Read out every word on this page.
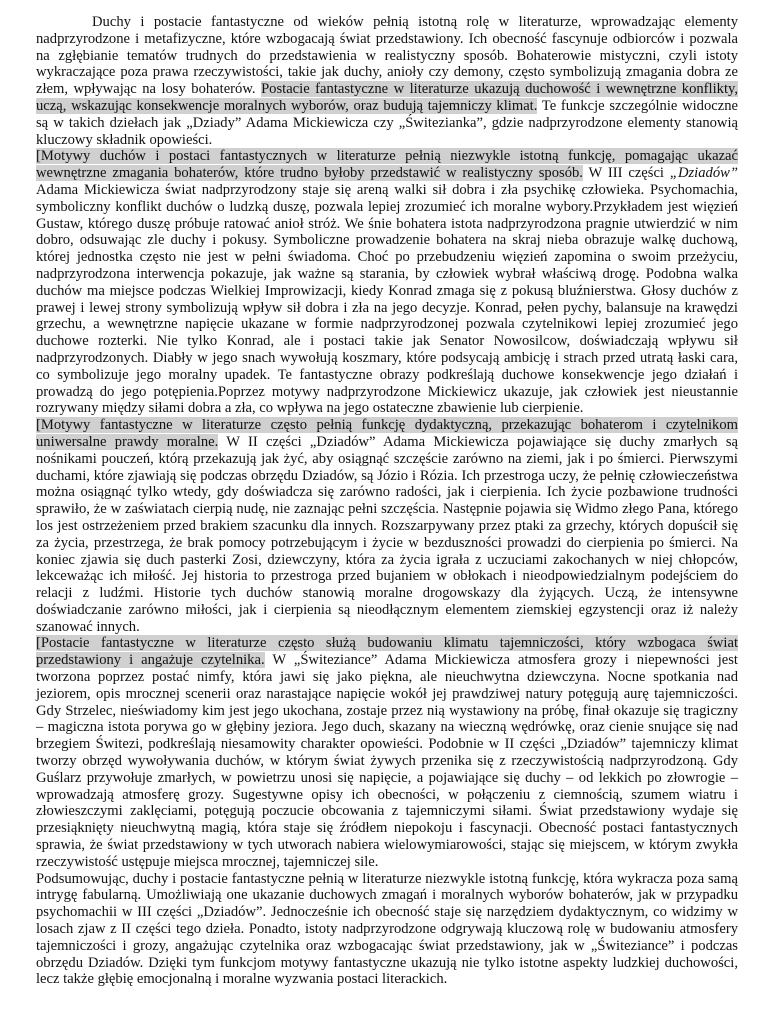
Duchy i postacie fantastyczne od wieków pełnią istotną rolę w literaturze, wprowadzając elementy nadprzyrodzone i metafizyczne, które wzbogacają świat przedstawiony. Ich obecność fascynuje odbiorców i pozwala na zgłębianie tematów trudnych do przedstawienia w realistyczny sposób. Bohaterowie mistyczni, czyli istoty wykraczające poza prawa rzeczywistości, takie jak duchy, anioły czy demony, często symbolizują zmagania dobra ze złem, wpływając na losy bohaterów. Postacie fantastyczne w literaturze ukazują duchowość i wewnętrzne konflikty, uczą, wskazując konsekwencje moralnych wyborów, oraz budują tajemniczy klimat. Te funkcje szczególnie widoczne są w takich dziełach jak „Dziady” Adama Mickiewicza czy „Świtezianka”, gdzie nadprzyrodzone elementy stanowią kluczowy składnik opowieści.

[Motywy duchów i postaci fantastycznych w literaturze pełnią niezwykle istotną funkcję, pomagając ukazać wewnętrzne zmagania bohaterów, które trudno byłoby przedstawić w realistyczny sposób. W III części „Dziadów” Adama Mickiewicza świat nadprzyrodzony staje się areną walki sił dobra i zła psychikę człowieka. Psychomachia, symboliczny konflikt duchów o ludzką duszę, pozwala lepiej zrozumieć ich moralne wybory.Przykładem jest więzień Gustaw, którego duszę próbuje ratować anioł stróż. We śnie bohatera istota nadprzyrodzona pragnie utwierdzić w nim dobro, odsuwając zle duchy i pokusy. Symboliczne prowadzenie bohatera na skraj nieba obrazuje walkę duchową, której jednostka często nie jest w pełni świadoma. Choć po przebudzeniu więzień zapomina o swoim przeżyciu, nadprzyrodzona interwencja pokazuje, jak ważne są starania, by człowiek wybrał właściwą drogę. Podobna walka duchów ma miejsce podczas Wielkiej Improwizacji, kiedy Konrad zmaga się z pokusą bluźnierstwa. Głosy duchów z prawej i lewej strony symbolizują wpływ sił dobra i zła na jego decyzje. Konrad, pełen pychy, balansuje na krawędzi grzechu, a wewnętrzne napięcie ukazane w formie nadprzyrodzonej pozwala czytelnikowi lepiej zrozumieć jego duchowe rozterki. Nie tylko Konrad, ale i postaci takie jak Senator Nowosilcow, doświadczają wpływu sił nadprzyrodzonych. Diabły w jego snach wywołują koszmary, które podsycają ambicję i strach przed utratą łaski cara, co symbolizuje jego moralny upadek. Te fantastyczne obrazy podkreślają duchowe konsekwencje jego działań i prowadzą do jego potępienia.Poprzez motywy nadprzyrodzone Mickiewicz ukazuje, jak człowiek jest nieustannie rozrywany między siłami dobra a zła, co wpływa na jego ostateczne zbawienie lub cierpienie.

[Motywy fantastyczne w literaturze często pełnią funkcję dydaktyczną, przekazując bohaterom i czytelnikom uniwersalne prawdy moralne. W II części „Dziadów” Adama Mickiewicza pojawiające się duchy zmarłych są nośnikami pouczeń, którą przekazują jak żyć, aby osiągnąć szczęście zarówno na ziemi, jak i po śmierci. Pierwszymi duchami, które zjawiają się podczas obrzędu Dziadów, są Józio i Rózia. Ich przestroga uczy, że pełnię człowieczeństwa można osiągnąć tylko wtedy, gdy doświadcza się zarówno radości, jak i cierpienia. Ich życie pozbawione trudności sprawiło, że w zaświatach cierpią nudę, nie zaznając pełni szczęścia. Następnie pojawia się Widmo złego Pana, którego los jest ostrzeżeniem przed brakiem szacunku dla innych. Rozszarpywany przez ptaki za grzechy, których dopuścił się za życia, przestrzega, że brak pomocy potrzebującym i życie w bezduszności prowadzi do cierpienia po śmierci. Na koniec zjawia się duch pasterki Zosi, dziewczyny, która za życia igrała z uczuciami zakochanych w niej chłopców, lekceważąc ich miłość. Jej historia to przestroga przed bujaniem w obłokach i nieodpowiedzialnym podejściem do relacji z ludźmi. Historie tych duchów stanowią moralne drogowskazy dla żyjących. Uczą, że intensywne doświadczanie zarówno miłości, jak i cierpienia są nieodłącznym elementem ziemskiej egzystencji oraz iż należy szanować innych.

[Postacie fantastyczne w literaturze często służą budowaniu klimatu tajemniczości, który wzbogaca świat przedstawiony i angażuje czytelnika. W „Świteziance” Adama Mickiewicza atmosfera grozy i niepewności jest tworzona poprzez postać nimfy, która jawi się jako piękna, ale nieuchwytna dziewczyna. Nocne spotkania nad jeziorem, opis mrocznej scenerii oraz narastające napięcie wokół jej prawdziwej natury potęgują aurę tajemniczości. Gdy Strzelec, nieświadomy kim jest jego ukochana, zostaje przez nią wystawiony na próbę, finał okazuje się tragiczny – magiczna istota porywa go w głębiny jeziora. Jego duch, skazany na wieczną wędrówkę, oraz cienie snujące się nad brzegiem Świtezi, podkreślają niesamowity charakter opowieści. Podobnie w II części „Dziadów” tajemniczy klimat tworzy obrzęd wywoływania duchów, w którym świat żywych przenika się z rzeczywistością nadprzyrodzoną. Gdy Guślarz przywołuje zmarłych, w powietrzu unosi się napięcie, a pojawiające się duchy – od lekkich po złowrogie – wprowadzają atmosferę grozy. Sugestywne opisy ich obecności, w połączeniu z ciemnością, szumem wiatru i złowieszczymi zaklęciami, potęgują poczucie obcowania z tajemniczymi siłami. Świat przedstawiony wydaje się przesiąknięty nieuchwytną magią, która staje się źródłem niepokoju i fascynacji. Obecność postaci fantastycznych sprawia, że świat przedstawiony w tych utworach nabiera wielowymiarowości, stając się miejscem, w którym zwykła rzeczywistość ustępuje miejsca mrocznej, tajemniczej sile.

Podsumowując, duchy i postacie fantastyczne pełnią w literaturze niezwykle istotną funkcję, która wykracza poza samą intrygę fabularną. Umożliwiają one ukazanie duchowych zmagań i moralnych wyborów bohaterów, jak w przypadku psychomachii w III części „Dziadów”. Jednocześnie ich obecność staje się narzędziem dydaktycznym, co widzimy w losach zjaw z II części tego dzieła. Ponadto, istoty nadprzyrodzone odgrywają kluczową rolę w budowaniu atmosfery tajemniczości i grozy, angażując czytelnika oraz wzbogacając świat przedstawiony, jak w „Świteziance” i podczas obrzędu Dziadów. Dzięki tym funkcjom motywy fantastyczne ukazują nie tylko istotne aspekty ludzkiej duchowości, lecz także głębię emocjonalną i moralne wyzwania postaci literackich.
